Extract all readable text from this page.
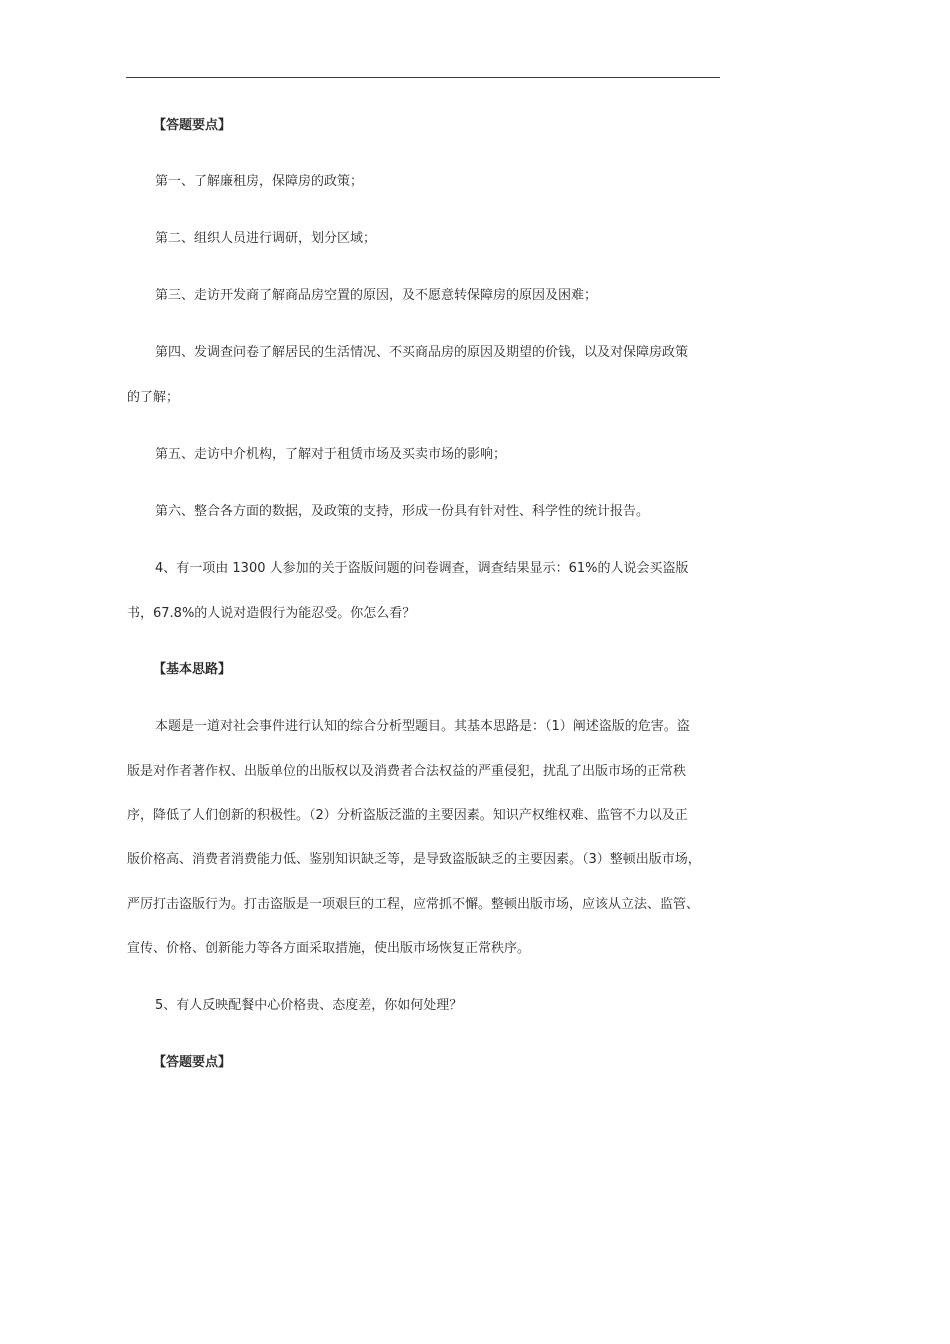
【答题要点】
第一、了解廉租房，保障房的政策；
第二、组织人员进行调研，划分区域；
第三、走访开发商了解商品房空置的原因，及不愿意转保障房的原因及困难；
第四、发调查问卷了解居民的生活情况、不买商品房的原因及期望的价钱，以及对保障房政策
的了解；
第五、走访中介机构，了解对于租赁市场及买卖市场的影响；
第六、整合各方面的数据，及政策的支持，形成一份具有针对性、科学性的统计报告。
4、有一项由 1300 人参加的关于盗版问题的问卷调查，调查结果显示：61%的人说会买盗版
书，67.8%的人说对造假行为能忍受。你怎么看？
【基本思路】
本题是一道对社会事件进行认知的综合分析型题目。其基本思路是：（1）阐述盗版的危害。盗
版是对作者著作权、出版单位的出版权以及消费者合法权益的严重侵犯，扰乱了出版市场的正常秩
序，降低了人们创新的积极性。（2）分析盗版泛滥的主要因素。知识产权维权难、监管不力以及正
版价格高、消费者消费能力低、鉴别知识缺乏等，是导致盗版缺乏的主要因素。（3）整顿出版市场，
严厉打击盗版行为。打击盗版是一项艰巨的工程，应常抓不懈。整顿出版市场，应该从立法、监管、
宣传、价格、创新能力等各方面采取措施，使出版市场恢复正常秩序。
5、有人反映配餐中心价格贵、态度差，你如何处理？
【答题要点】
